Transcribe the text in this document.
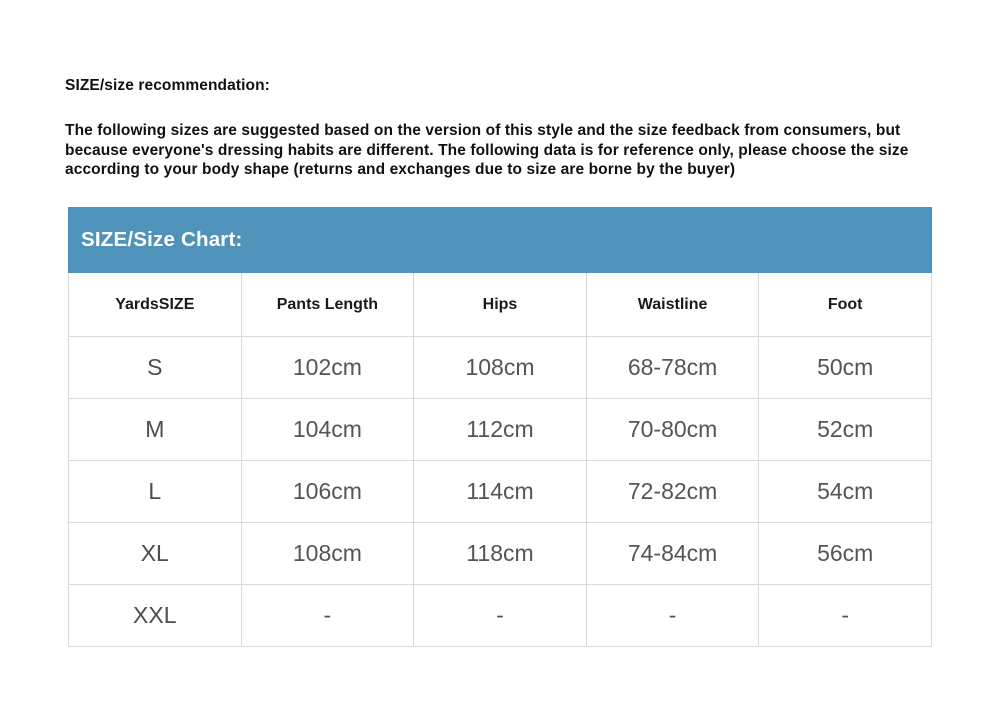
SIZE/size recommendation:
The following sizes are suggested based on the version of this style and the size feedback from consumers, but because everyone's dressing habits are different. The following data is for reference only, please choose the size according to your body shape (returns and exchanges due to size are borne by the buyer)
SIZE/Size Chart:
YardsSIZE	Pants Length	Hips	Waistline	Foot
S	102cm	108cm	68-78cm	50cm
M	104cm	112cm	70-80cm	52cm
L	106cm	114cm	72-82cm	54cm
XL	108cm	118cm	74-84cm	56cm
XXL	-	-	-	-
